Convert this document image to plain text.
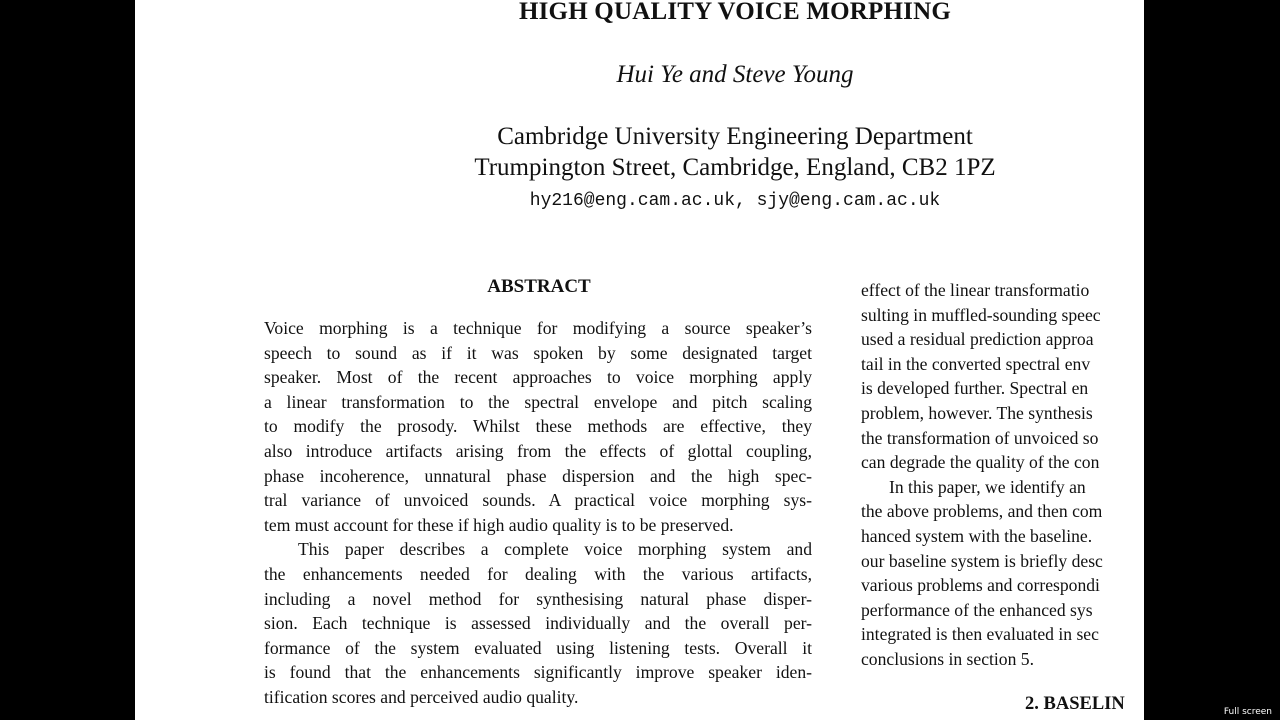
HIGH QUALITY VOICE MORPHING
Hui Ye and Steve Young
Cambridge University Engineering Department
Trumpington Street, Cambridge, England, CB2 1PZ
hy216@eng.cam.ac.uk, sjy@eng.cam.ac.uk
ABSTRACT
Voice morphing is a technique for modifying a source speaker’s
speech to sound as if it was spoken by some designated target
speaker. Most of the recent approaches to voice morphing apply
a linear transformation to the spectral envelope and pitch scaling
to modify the prosody. Whilst these methods are effective, they
also introduce artifacts arising from the effects of glottal coupling,
phase incoherence, unnatural phase dispersion and the high spec-
tral variance of unvoiced sounds. A practical voice morphing sys-
tem must account for these if high audio quality is to be preserved.
This paper describes a complete voice morphing system and
the enhancements needed for dealing with the various artifacts,
including a novel method for synthesising natural phase disper-
sion. Each technique is assessed individually and the overall per-
formance of the system evaluated using listening tests. Overall it
is found that the enhancements significantly improve speaker iden-
tification scores and perceived audio quality.
effect of the linear transformatio
sulting in muffled-sounding speec
used a residual prediction approa
tail in the converted spectral env
is developed further. Spectral en
problem, however. The synthesis
the transformation of unvoiced so
can degrade the quality of the con
In this paper, we identify an
the above problems, and then com
hanced system with the baseline.
our baseline system is briefly desc
various problems and correspondi
performance of the enhanced sys
integrated is then evaluated in sec
conclusions in section 5.
2. BASELIN	Full screen
